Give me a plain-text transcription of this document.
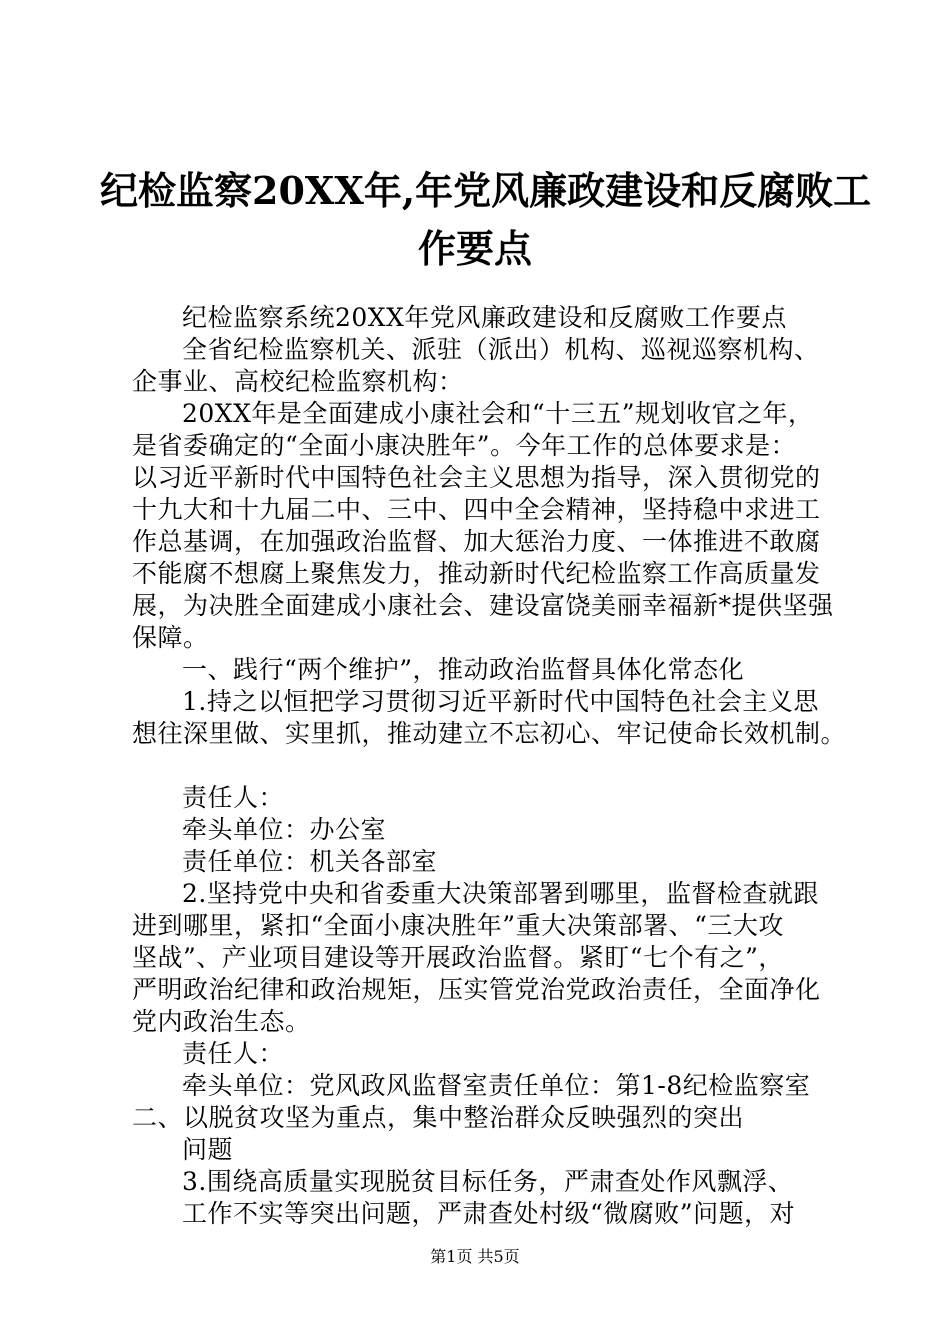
纪检监察20XX年,年党风廉政建设和反腐败工
作要点
纪检监察系统20XX年党风廉政建设和反腐败工作要点
全省纪检监察机关、派驻（派出）机构、巡视巡察机构、
企事业、高校纪检监察机构：
20XX年是全面建成小康社会和“十三五”规划收官之年，
是省委确定的“全面小康决胜年”。今年工作的总体要求是：
以习近平新时代中国特色社会主义思想为指导，深入贯彻党的
十九大和十九届二中、三中、四中全会精神，坚持稳中求进工
作总基调，在加强政治监督、加大惩治力度、一体推进不敢腐
不能腐不想腐上聚焦发力，推动新时代纪检监察工作高质量发
展，为决胜全面建成小康社会、建设富饶美丽幸福新*提供坚强
保障。
一、践行“两个维护”，推动政治监督具体化常态化
1.持之以恒把学习贯彻习近平新时代中国特色社会主义思
想往深里做、实里抓，推动建立不忘初心、牢记使命长效机制。
责任人：
牵头单位：办公室
责任单位：机关各部室
2.坚持党中央和省委重大决策部署到哪里，监督检查就跟
进到哪里，紧扣“全面小康决胜年”重大决策部署、“三大攻
坚战”、产业项目建设等开展政治监督。紧盯“七个有之”，
严明政治纪律和政治规矩，压实管党治党政治责任，全面净化
党内政治生态。
责任人：
牵头单位：党风政风监督室责任单位：第1-8纪检监察室
二、以脱贫攻坚为重点，集中整治群众反映强烈的突出
问题
3.围绕高质量实现脱贫目标任务，严肃查处作风飘浮、
工作不实等突出问题，严肃查处村级“微腐败”问题，对
第1页 共5页
